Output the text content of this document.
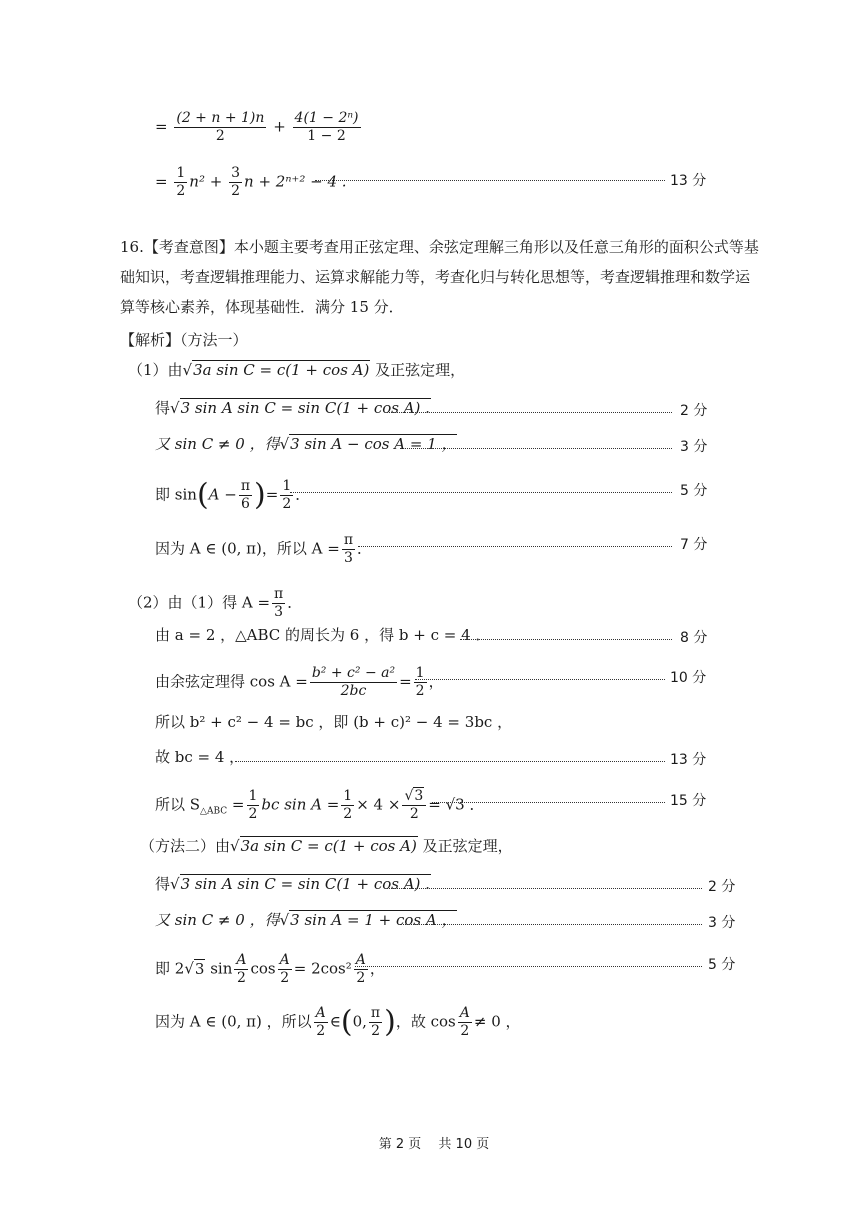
= $\frac{(2 + n + 1)n}{2} + \frac{\text{4(1 − 2ⁿ)}}{1 - 2}$
= $\frac{1}{2} n^2 + \frac{3}{2}$ n + 2ⁿ⁺² − 4 .	13 分
16.【考查意图】本小题主要考查用正弦定理、余弦定理解三角形以及任意三角形的面积公式等基础知识，考查逻辑推理能力、运算求解能力等，考查化归与转化思想等，考查逻辑推理和数学运算等核心素养，体现基础性．满分 15 分．
【解析】（方法一）
（1）由√3a sin C = c(1 + cos A) 及正弦定理，
得√3 sin A sin C = sin C(1 + cos A) .	2 分
又 sin C ≠ 0 ，得√3 sin A − cos A = 1 ，	3 分
即 $\sin(A - \frac{\pi}{6}$ )= $\frac{1}{2}$ ．	5 分
因为 A ∈ (0, π)，所以 $A = \frac{\pi}{3}$ ．	7 分
（2）由（1）得 $A = \frac{\pi}{3}$ ．
由 a = 2 ，△ABC 的周长为 6 ，得 b + c = 4 ．	8 分
由余弦定理得 $\cos A = \frac{\text{b² + c² − a²}}{2bc} = \frac{1}{2}$ ，	10 分
所以 b² + c² − 4 = bc ，即 (b + c)² − 4 = 3bc ，
故 bc = 4 ，	13 分
所以 $S_{\triangle ABC} = \frac{1}{2}$ bc $\sin A = \frac{1}{2} \times 4 \times \frac{√3}{2} = √3$ ．	15 分
（方法二）由√3a sin C = c(1 + cos A) 及正弦定理，
得√3 sin A sin C = sin C(1 + cos A) .	2 分
又 sin C ≠ 0 ，得√3 sin A = 1 + cos A ，	3 分
即 2√3 $\sin \frac{A}{2}$ $\cos \frac{A}{2} = 2\cos^2 \frac{A}{2}$ ，	5 分
因为 A ∈ (0, π) ，所以 $\frac{A}{2}$ ∈(0, $\frac{\pi}{2}$ )，故 $\cos \frac{A}{2} \ne 0$ ，
第 2 页　 共 10 页
